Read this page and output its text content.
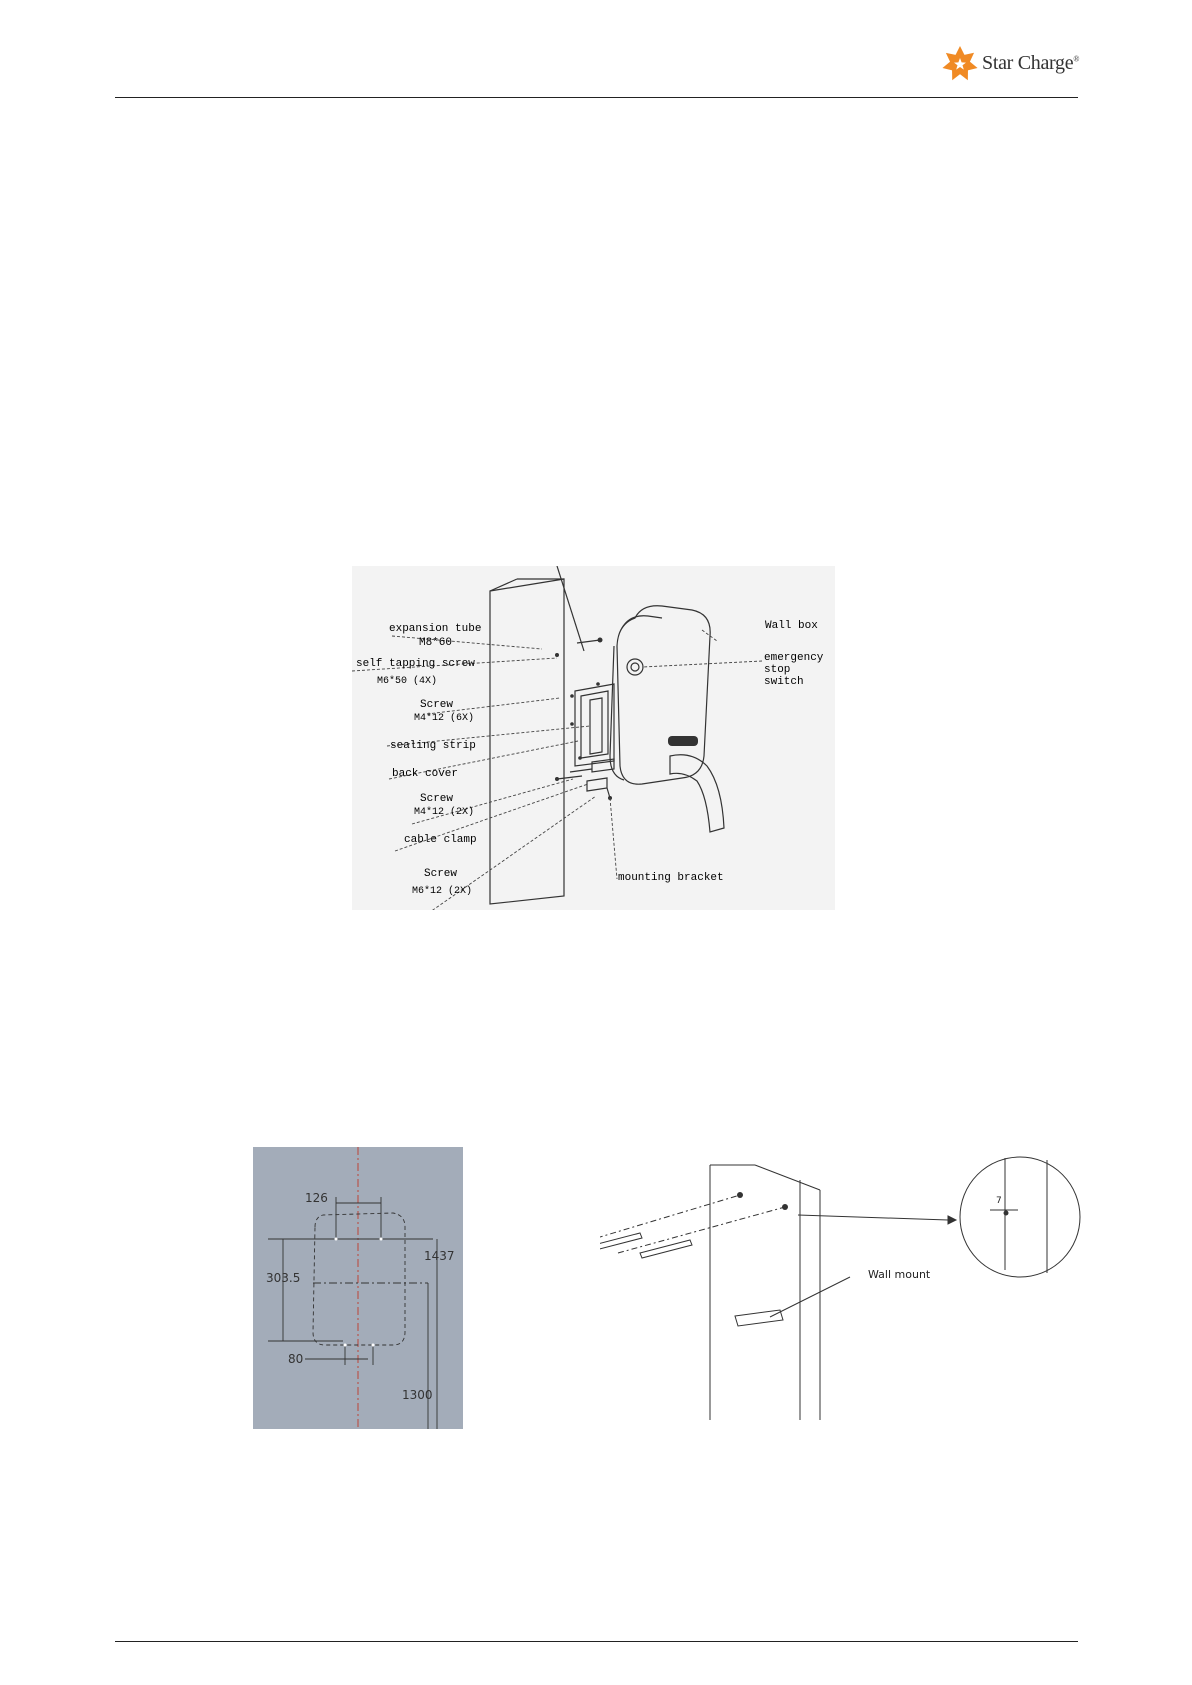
Star Charge®
expansion tube
M8*60
self tapping screw
M6*50 (4X)
Screw
M4*12 (6X)
sealing strip
back cover
Screw
M4*12 (2X)
cable clamp
Screw
M6*12 (2X)
Wall box
emergency
stop switch
mounting bracket
126
303.5
1437
80
1300
Wall mount
7
